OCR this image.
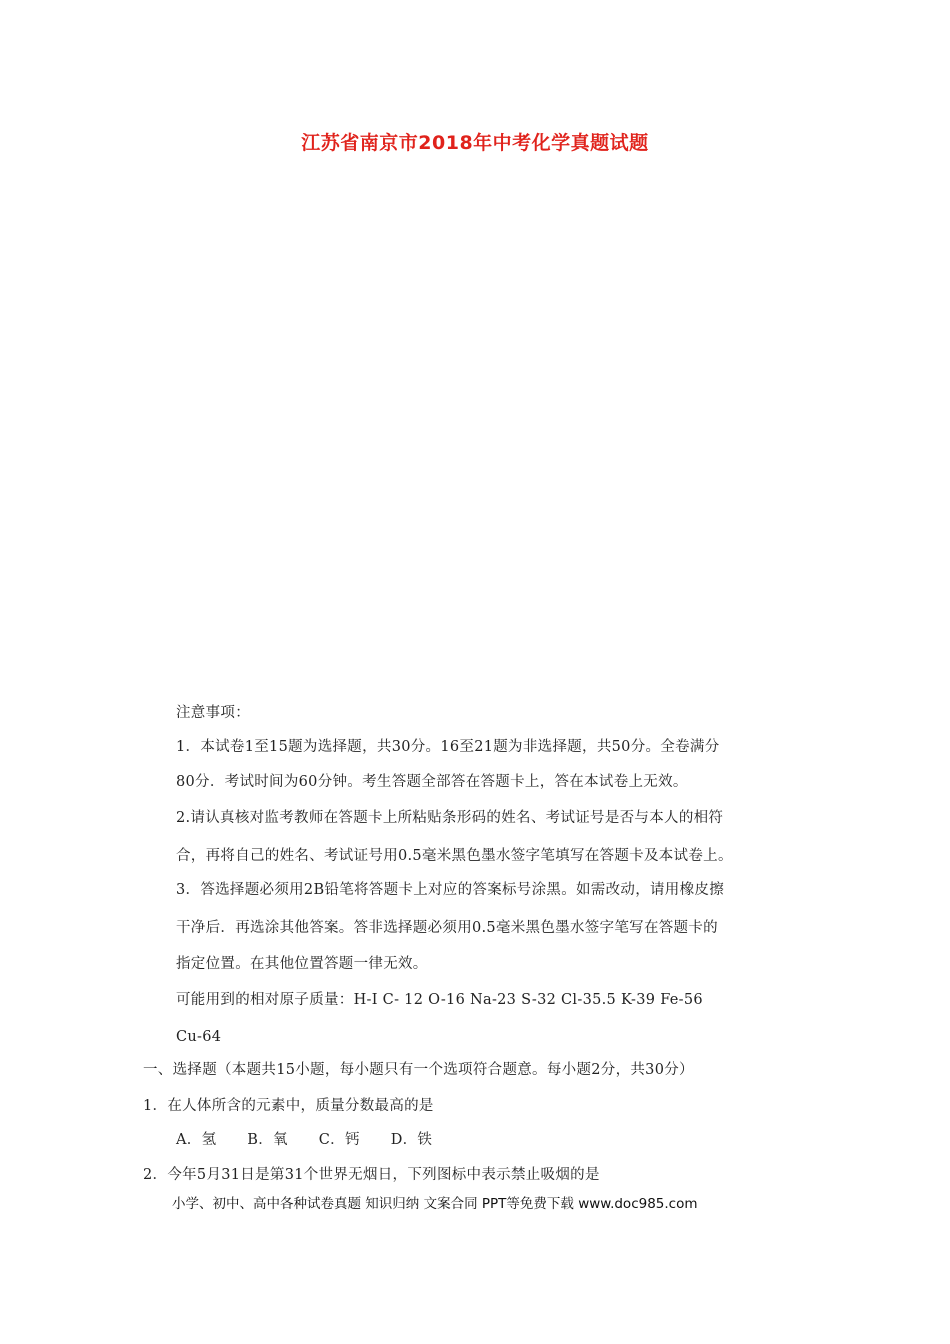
江苏省南京市2018年中考化学真题试题
注意事项：
1．本试卷1至15题为选择题，共30分。16至21题为非选择题，共50分。全卷满分
80分．考试时间为60分钟。考生答题全部答在答题卡上，答在本试卷上无效。
2.请认真核对监考教师在答题卡上所粘贴条形码的姓名、考试证号是否与本人的相符
合，再将自己的姓名、考试证号用0.5毫米黑色墨水签字笔填写在答题卡及本试卷上。
3．答选择题必须用2B铅笔将答题卡上对应的答案标号涂黑。如需改动，请用橡皮擦
干净后．再选涂其他答案。答非选择题必须用0.5毫米黑色墨水签字笔写在答题卡的
指定位置。在其他位置答题一律无效。
可能用到的相对原子质量：H-I C- 12 O-16 Na-23 S-32 Cl-35.5 K-39 Fe-56
Cu-64
一、选择题（本题共15小题，每小题只有一个选项符合题意。每小题2分，共30分）
1．在人体所含的元素中，质量分数最高的是
A．氢 B．氧 C．钙 D．铁
2．今年5月31日是第31个世界无烟日，下列图标中表示禁止吸烟的是
小学、初中、高中各种试卷真题 知识归纳 文案合同 PPT等免费下载 www.doc985.com
